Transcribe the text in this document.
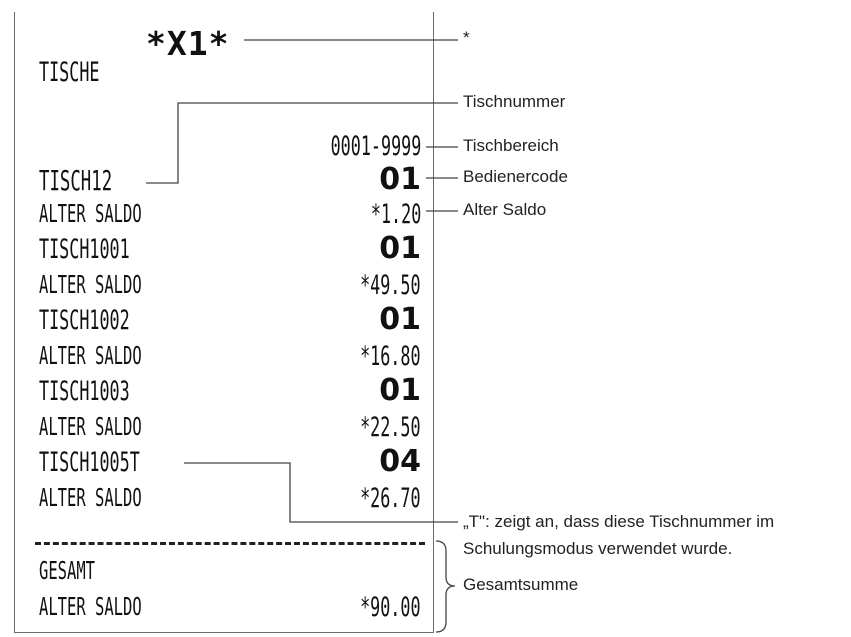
*X1*
TISCHE
0001-9999
TISCH12	01
ALTER SALDO	*1.20
TISCH1001	01
ALTER SALDO	*49.50
TISCH1002	01
ALTER SALDO	*16.80
TISCH1003	01
ALTER SALDO	*22.50
TISCH1005T	04
ALTER SALDO	*26.70
GESAMT
ALTER SALDO	*90.00
*
Tischnummer
Tischbereich
Bedienercode
Alter Saldo
„T": zeigt an, dass diese Tischnummer im
Schulungsmodus verwendet wurde.
Gesamtsumme
